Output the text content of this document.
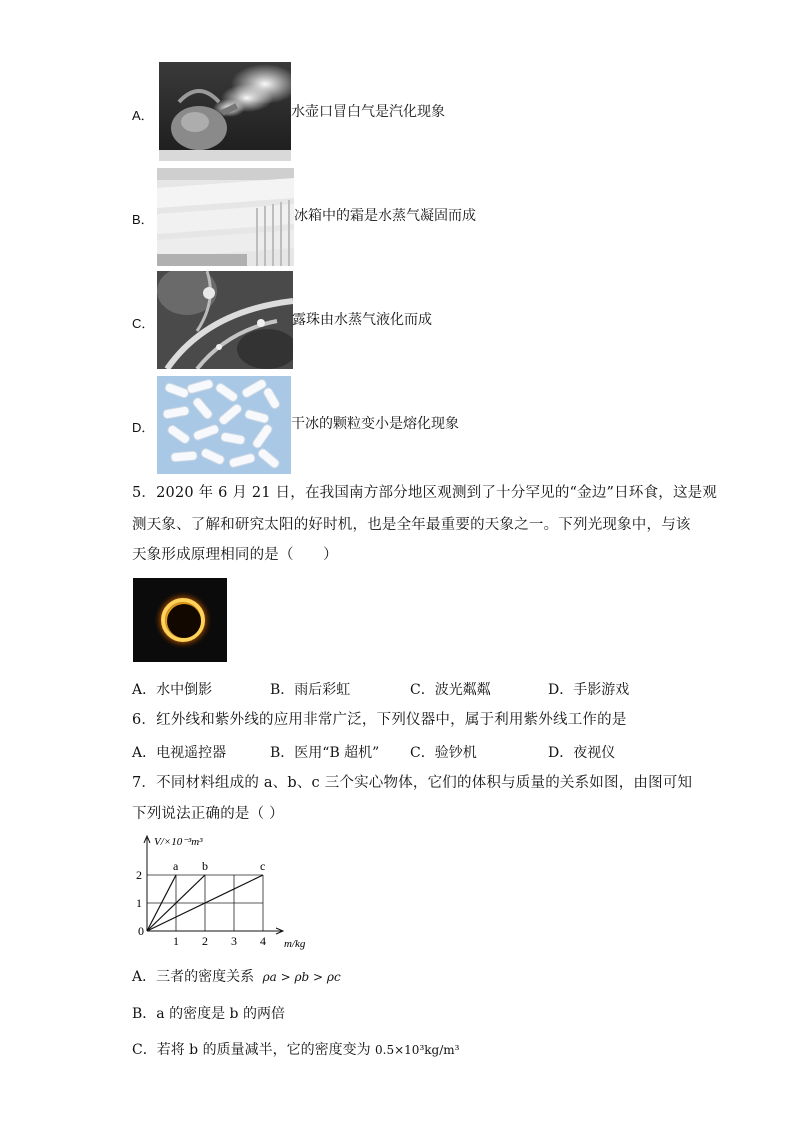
A．	水壶口冒白气是汽化现象
B．	冰箱中的霜是水蒸气凝固而成
C．	露珠由水蒸气液化而成
D．	干冰的颗粒变小是熔化现象
5．2020 年 6 月 21 日，在我国南方部分地区观测到了十分罕见的“金边”日环食，这是观
测天象、了解和研究太阳的好时机，也是全年最重要的天象之一。下列光现象中，与该
天象形成原理相同的是（　　）
A．水中倒影	B．雨后彩虹	C．波光粼粼	D．手影游戏
6．红外线和紫外线的应用非常广泛，下列仪器中，属于利用紫外线工作的是
A．电视遥控器	B．医用“B 超机” C．验钞机	D．夜视仪
7．不同材料组成的 a、b、c 三个实心物体，它们的体积与质量的关系如图，由图可知
下列说法正确的是（ ）
V/×10⁻³m³
m/kg
0
1 2 3 4
1
2
a b	c
A．三者的密度关系 ρa > ρb > ρc
B．a 的密度是 b 的两倍
C．若将 b 的质量减半，它的密度变为 0.5×10³kg/m³
